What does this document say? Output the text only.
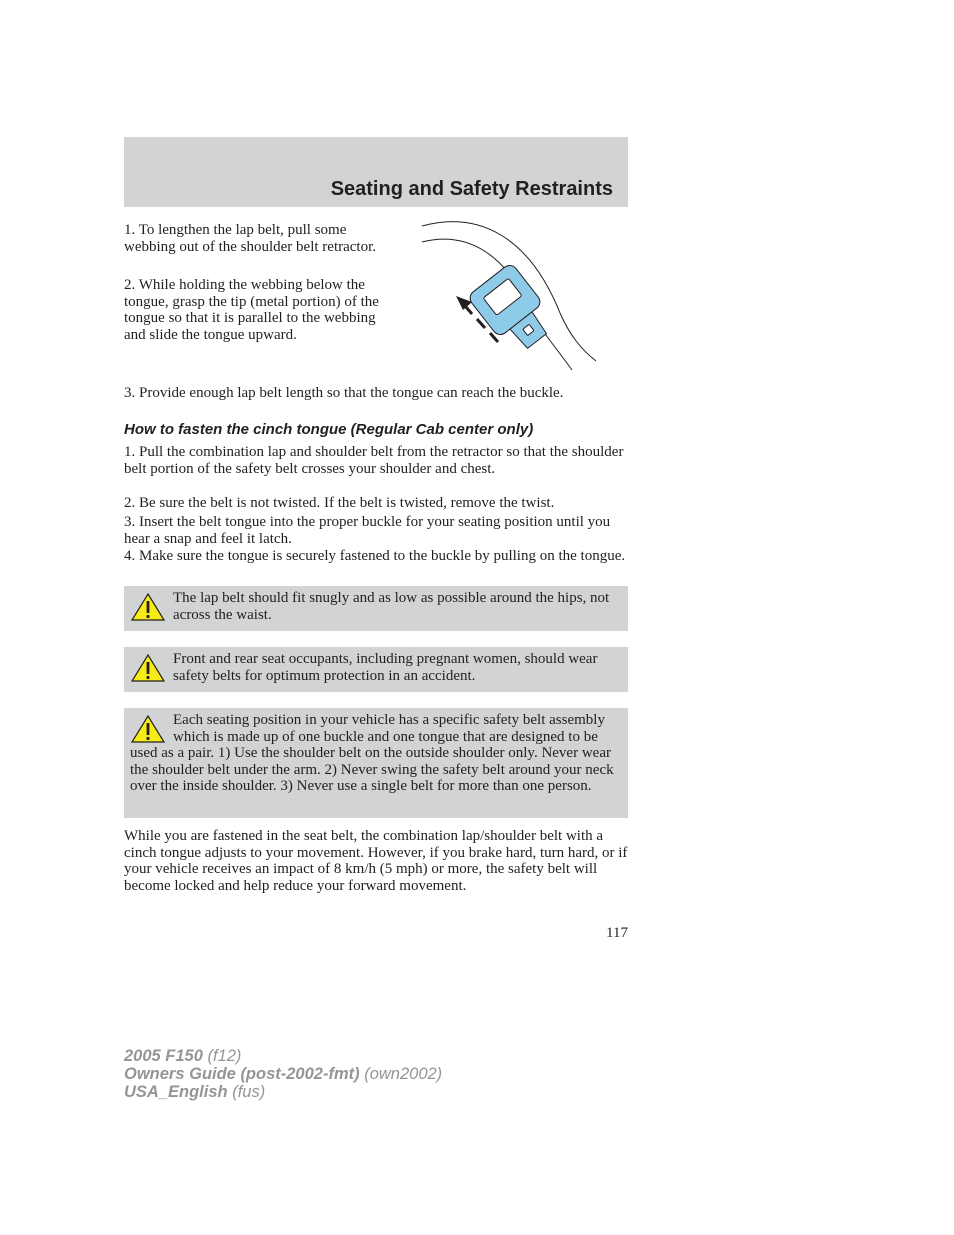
Seating and Safety Restraints

1. To lengthen the lap belt, pull some webbing out of the shoulder belt retractor.

2. While holding the webbing below the tongue, grasp the tip (metal portion) of the tongue so that it is parallel to the webbing and slide the tongue upward.

3. Provide enough lap belt length so that the tongue can reach the buckle.

How to fasten the cinch tongue (Regular Cab center only)

1. Pull the combination lap and shoulder belt from the retractor so that the shoulder belt portion of the safety belt crosses your shoulder and chest.

2. Be sure the belt is not twisted. If the belt is twisted, remove the twist.

3. Insert the belt tongue into the proper buckle for your seating position until you hear a snap and feel it latch.

4. Make sure the tongue is securely fastened to the buckle by pulling on the tongue.

The lap belt should fit snugly and as low as possible around the hips, not across the waist.

Front and rear seat occupants, including pregnant women, should wear safety belts for optimum protection in an accident.

Each seating position in your vehicle has a specific safety belt assembly which is made up of one buckle and one tongue that are designed to be used as a pair. 1) Use the shoulder belt on the outside shoulder only. Never wear the shoulder belt under the arm. 2) Never swing the safety belt around your neck over the inside shoulder. 3) Never use a single belt for more than one person.

While you are fastened in the seat belt, the combination lap/shoulder belt with a cinch tongue adjusts to your movement. However, if you brake hard, turn hard, or if your vehicle receives an impact of 8 km/h (5 mph) or more, the safety belt will become locked and help reduce your forward movement.

117

2005 F150 (f12)
Owners Guide (post-2002-fmt) (own2002)
USA_English (fus)
